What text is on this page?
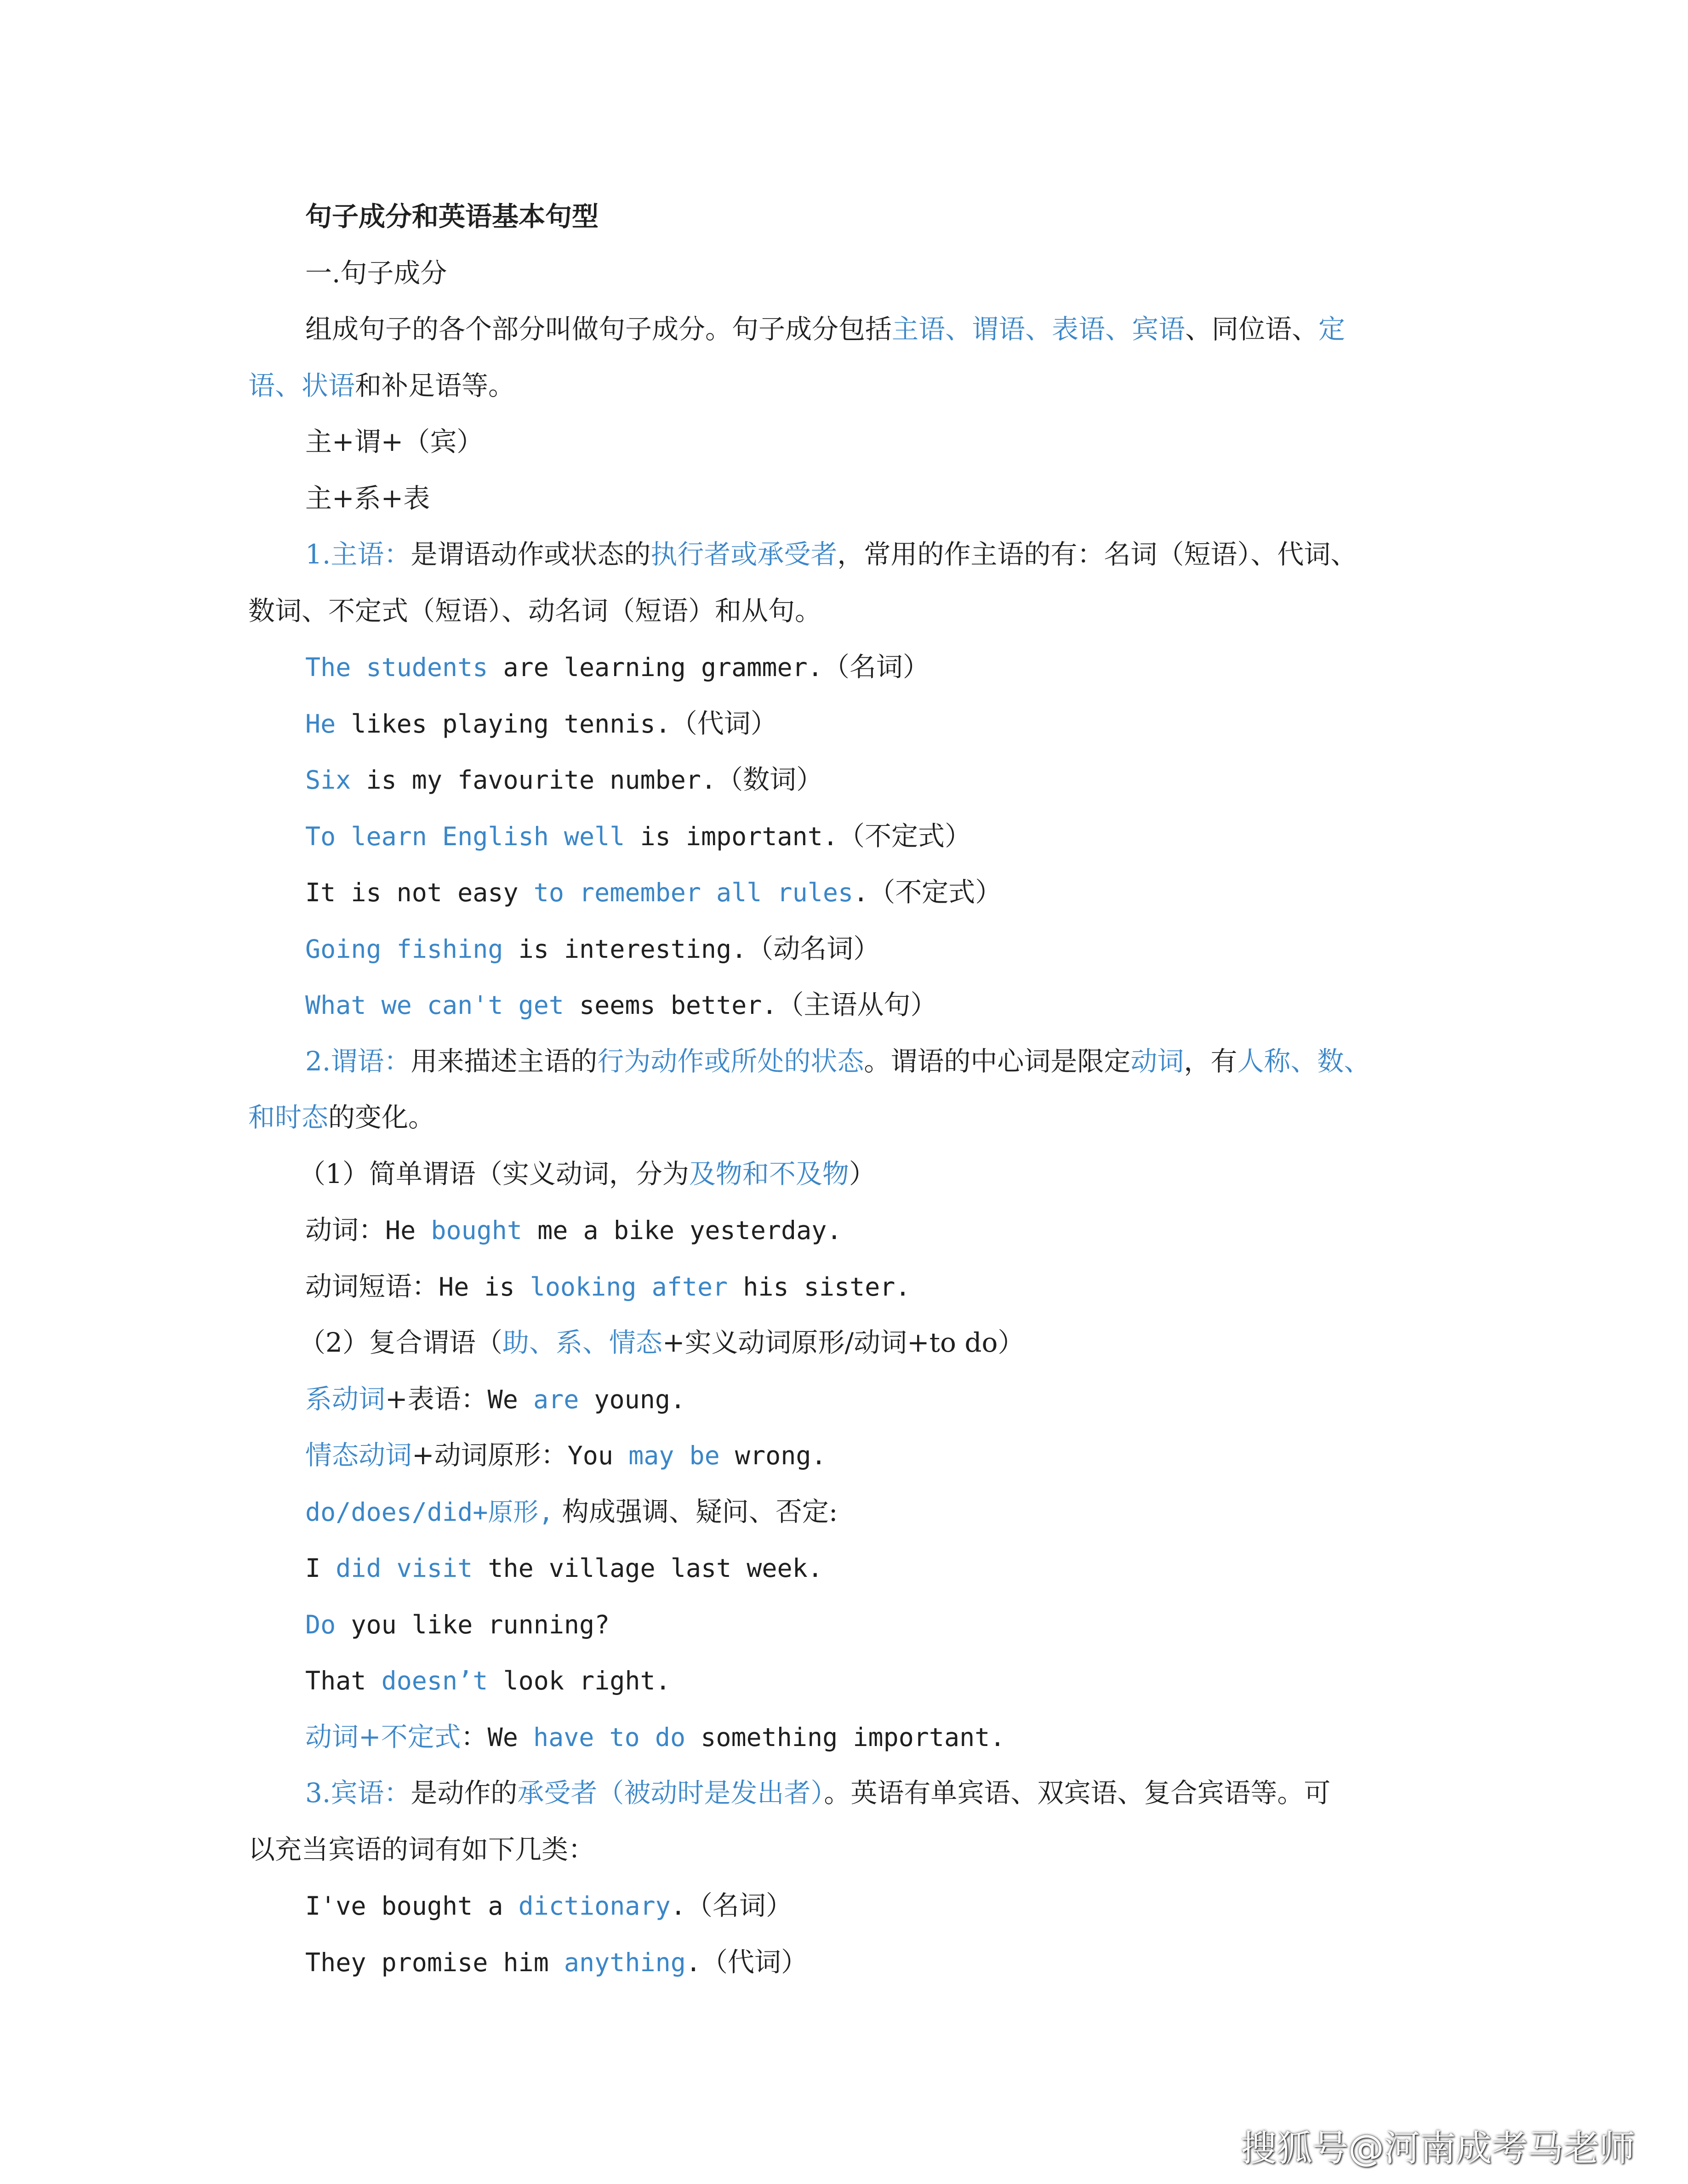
句子成分和英语基本句型
一.句子成分
组成句子的各个部分叫做句子成分。句子成分包括主语、谓语、表语、宾语、同位语、定
语、状语和补足语等。
主+谓+（宾）
主+系+表
1.主语：是谓语动作或状态的执行者或承受者，常用的作主语的有：名词（短语）、代词、
数词、不定式（短语）、动名词（短语）和从句。
The students are learning grammer.（名词）
He likes playing tennis.（代词）
Six is my favourite number.（数词）
To learn English well is important.（不定式）
It is not easy to remember all rules.（不定式）
Going fishing is interesting.（动名词）
What we can't get seems better.（主语从句）
2.谓语：用来描述主语的行为动作或所处的状态。谓语的中心词是限定动词，有人称、数、
和时态的变化。
（1）简单谓语（实义动词，分为及物和不及物）
动词：He bought me a bike yesterday.
动词短语：He is looking after his sister.
（2）复合谓语（助、系、情态+实义动词原形/动词+to do）
系动词+表语：We are young.
情态动词+动词原形：You may be wrong.
do/does/did+原形, 构成强调、疑问、否定:
I did visit the village last week.
Do you like running?
That doesn’t look right.
动词+不定式：We have to do something important.
3.宾语：是动作的承受者（被动时是发出者）。英语有单宾语、双宾语、复合宾语等。可
以充当宾语的词有如下几类：
I've bought a dictionary.（名词）
They promise him anything.（代词）
搜狐号@河南成考马老师
